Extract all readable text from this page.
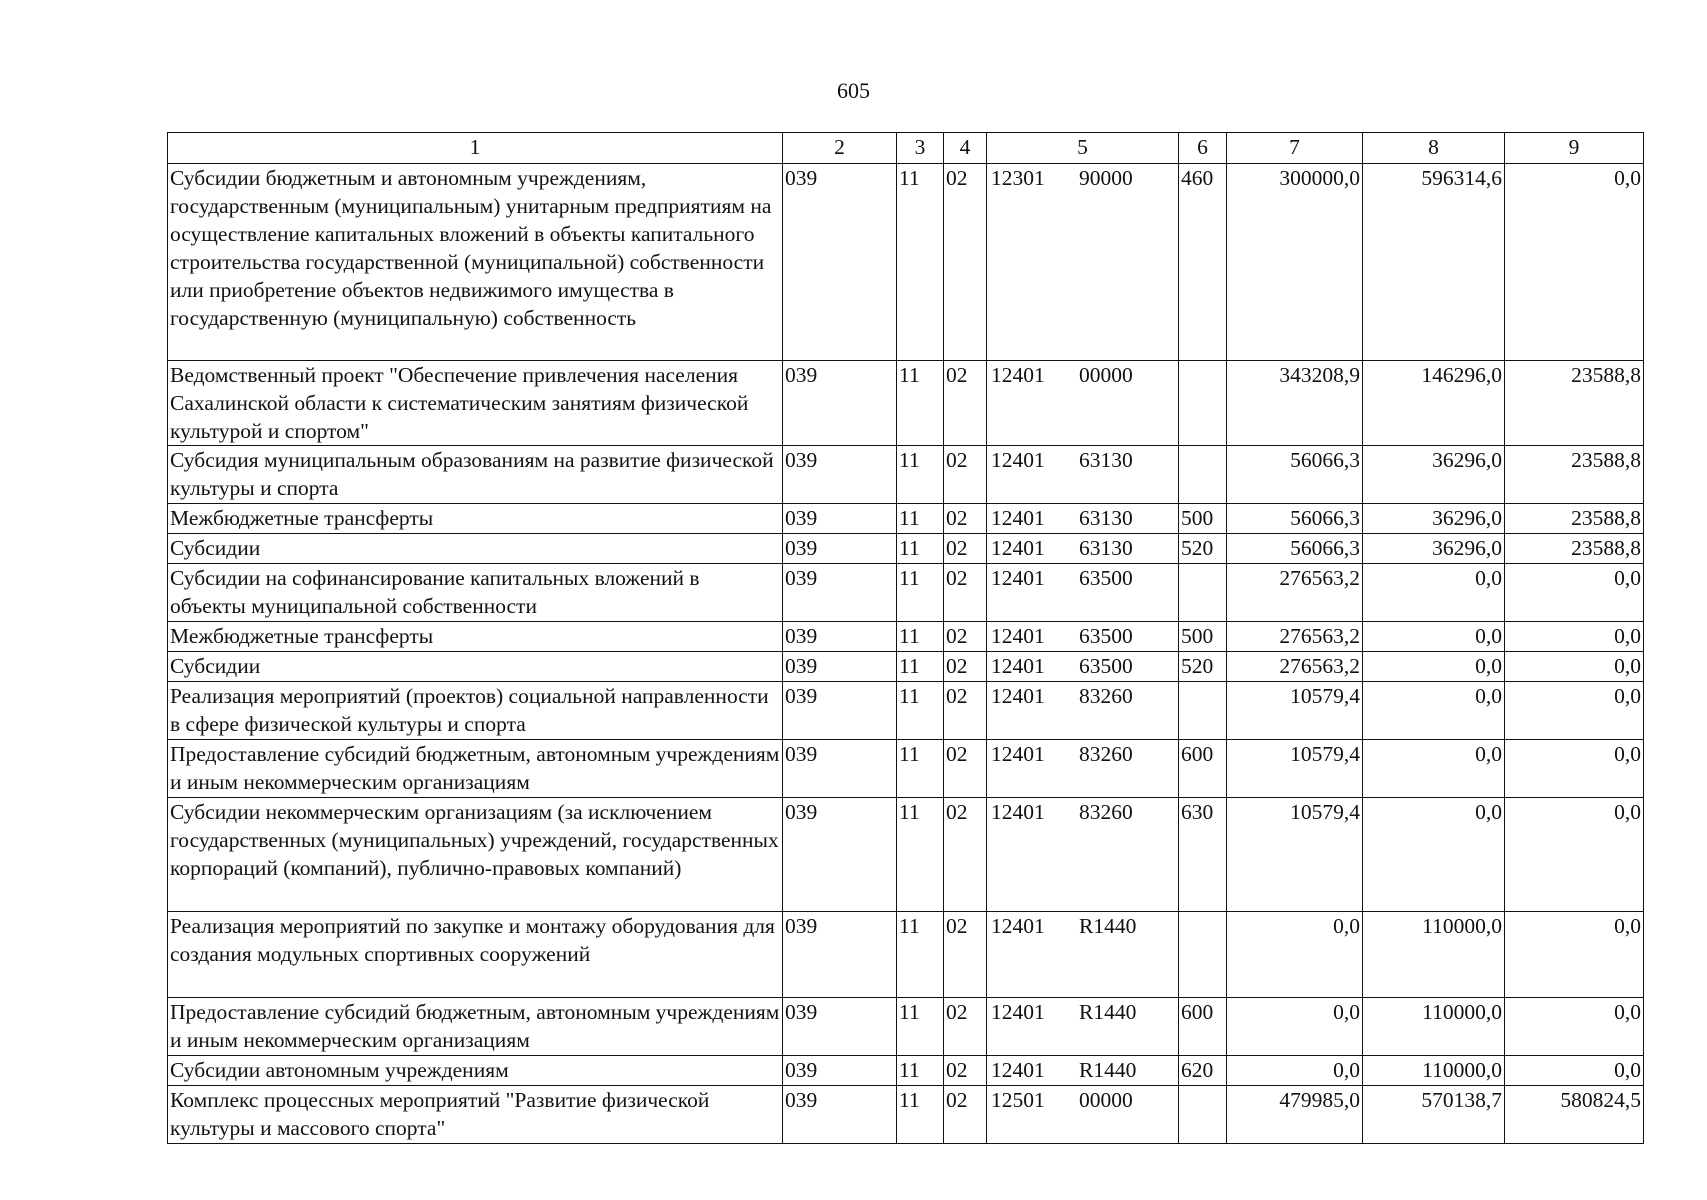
605
1	2	3	4	5	6	7	8	9
Субсидии бюджетным и автономным учреждениям, государственным (муниципальным) унитарным предприятиям на осуществление капитальных вложений в объекты капитального строительства государственной (муниципальной) собственности или приобретение объектов недвижимого имущества в государственную (муниципальную) собственность	039	11	02	12301 90000	460	300000,0	596314,6	0,0
Ведомственный проект "Обеспечение привлечения населения Сахалинской области к систематическим занятиям физической культурой и спортом"	039	11	02	12401 00000		343208,9	146296,0	23588,8
Субсидия муниципальным образованиям на развитие физической культуры и спорта	039	11	02	12401 63130		56066,3	36296,0	23588,8
Межбюджетные трансферты	039	11	02	12401 63130	500	56066,3	36296,0	23588,8
Субсидии	039	11	02	12401 63130	520	56066,3	36296,0	23588,8
Субсидии на софинансирование капитальных вложений в объекты муниципальной собственности	039	11	02	12401 63500		276563,2	0,0	0,0
Межбюджетные трансферты	039	11	02	12401 63500	500	276563,2	0,0	0,0
Субсидии	039	11	02	12401 63500	520	276563,2	0,0	0,0
Реализация мероприятий (проектов) социальной направленности в сфере физической культуры и спорта	039	11	02	12401 83260		10579,4	0,0	0,0
Предоставление субсидий бюджетным, автономным учреждениям и иным некоммерческим организациям	039	11	02	12401 83260	600	10579,4	0,0	0,0
Субсидии некоммерческим организациям (за исключением государственных (муниципальных) учреждений, государственных корпораций (компаний), публично-правовых компаний)	039	11	02	12401 83260	630	10579,4	0,0	0,0
Реализация мероприятий по закупке и монтажу оборудования для создания модульных спортивных сооружений	039	11	02	12401 R1440		0,0	110000,0	0,0
Предоставление субсидий бюджетным, автономным учреждениям и иным некоммерческим организациям	039	11	02	12401 R1440	600	0,0	110000,0	0,0
Субсидии автономным учреждениям	039	11	02	12401 R1440	620	0,0	110000,0	0,0
Комплекс процессных мероприятий "Развитие физической культуры и массового спорта"	039	11	02	12501 00000		479985,0	570138,7	580824,5
